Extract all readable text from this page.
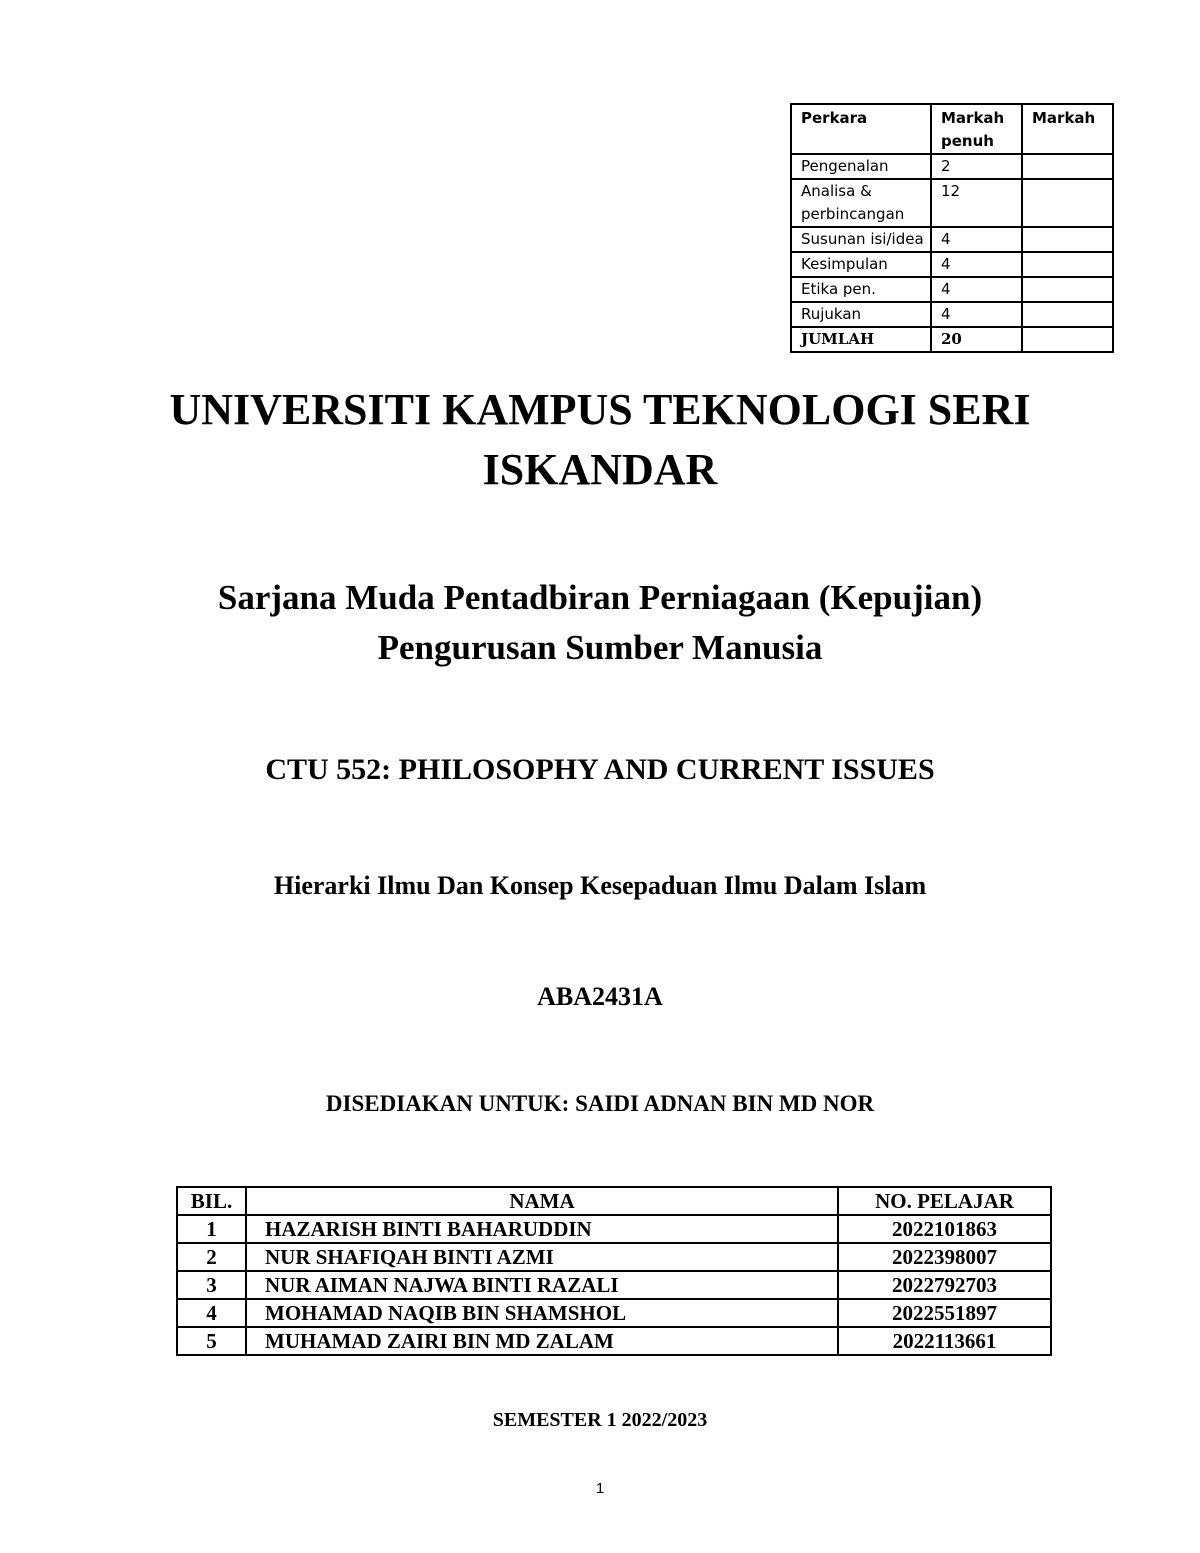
Perkara	Markah penuh	Markah
Pengenalan	2	
Analisa & perbincangan	12	
Susunan isi/idea	4	
Kesimpulan	4	
Etika pen.	4	
Rujukan	4	
JUMLAH	20	
UNIVERSITI KAMPUS TEKNOLOGI SERI ISKANDAR
Sarjana Muda Pentadbiran Perniagaan (Kepujian)
Pengurusan Sumber Manusia
CTU 552: PHILOSOPHY AND CURRENT ISSUES
Hierarki Ilmu Dan Konsep Kesepaduan Ilmu Dalam Islam
ABA2431A
DISEDIAKAN UNTUK: SAIDI ADNAN BIN MD NOR
BIL.	NAMA	NO. PELAJAR
1	HAZARISH BINTI BAHARUDDIN	2022101863
2	NUR SHAFIQAH BINTI AZMI	2022398007
3	NUR AIMAN NAJWA BINTI RAZALI	2022792703
4	MOHAMAD NAQIB BIN SHAMSHOL	2022551897
5	MUHAMAD ZAIRI BIN MD ZALAM	2022113661
SEMESTER 1 2022/2023
1
